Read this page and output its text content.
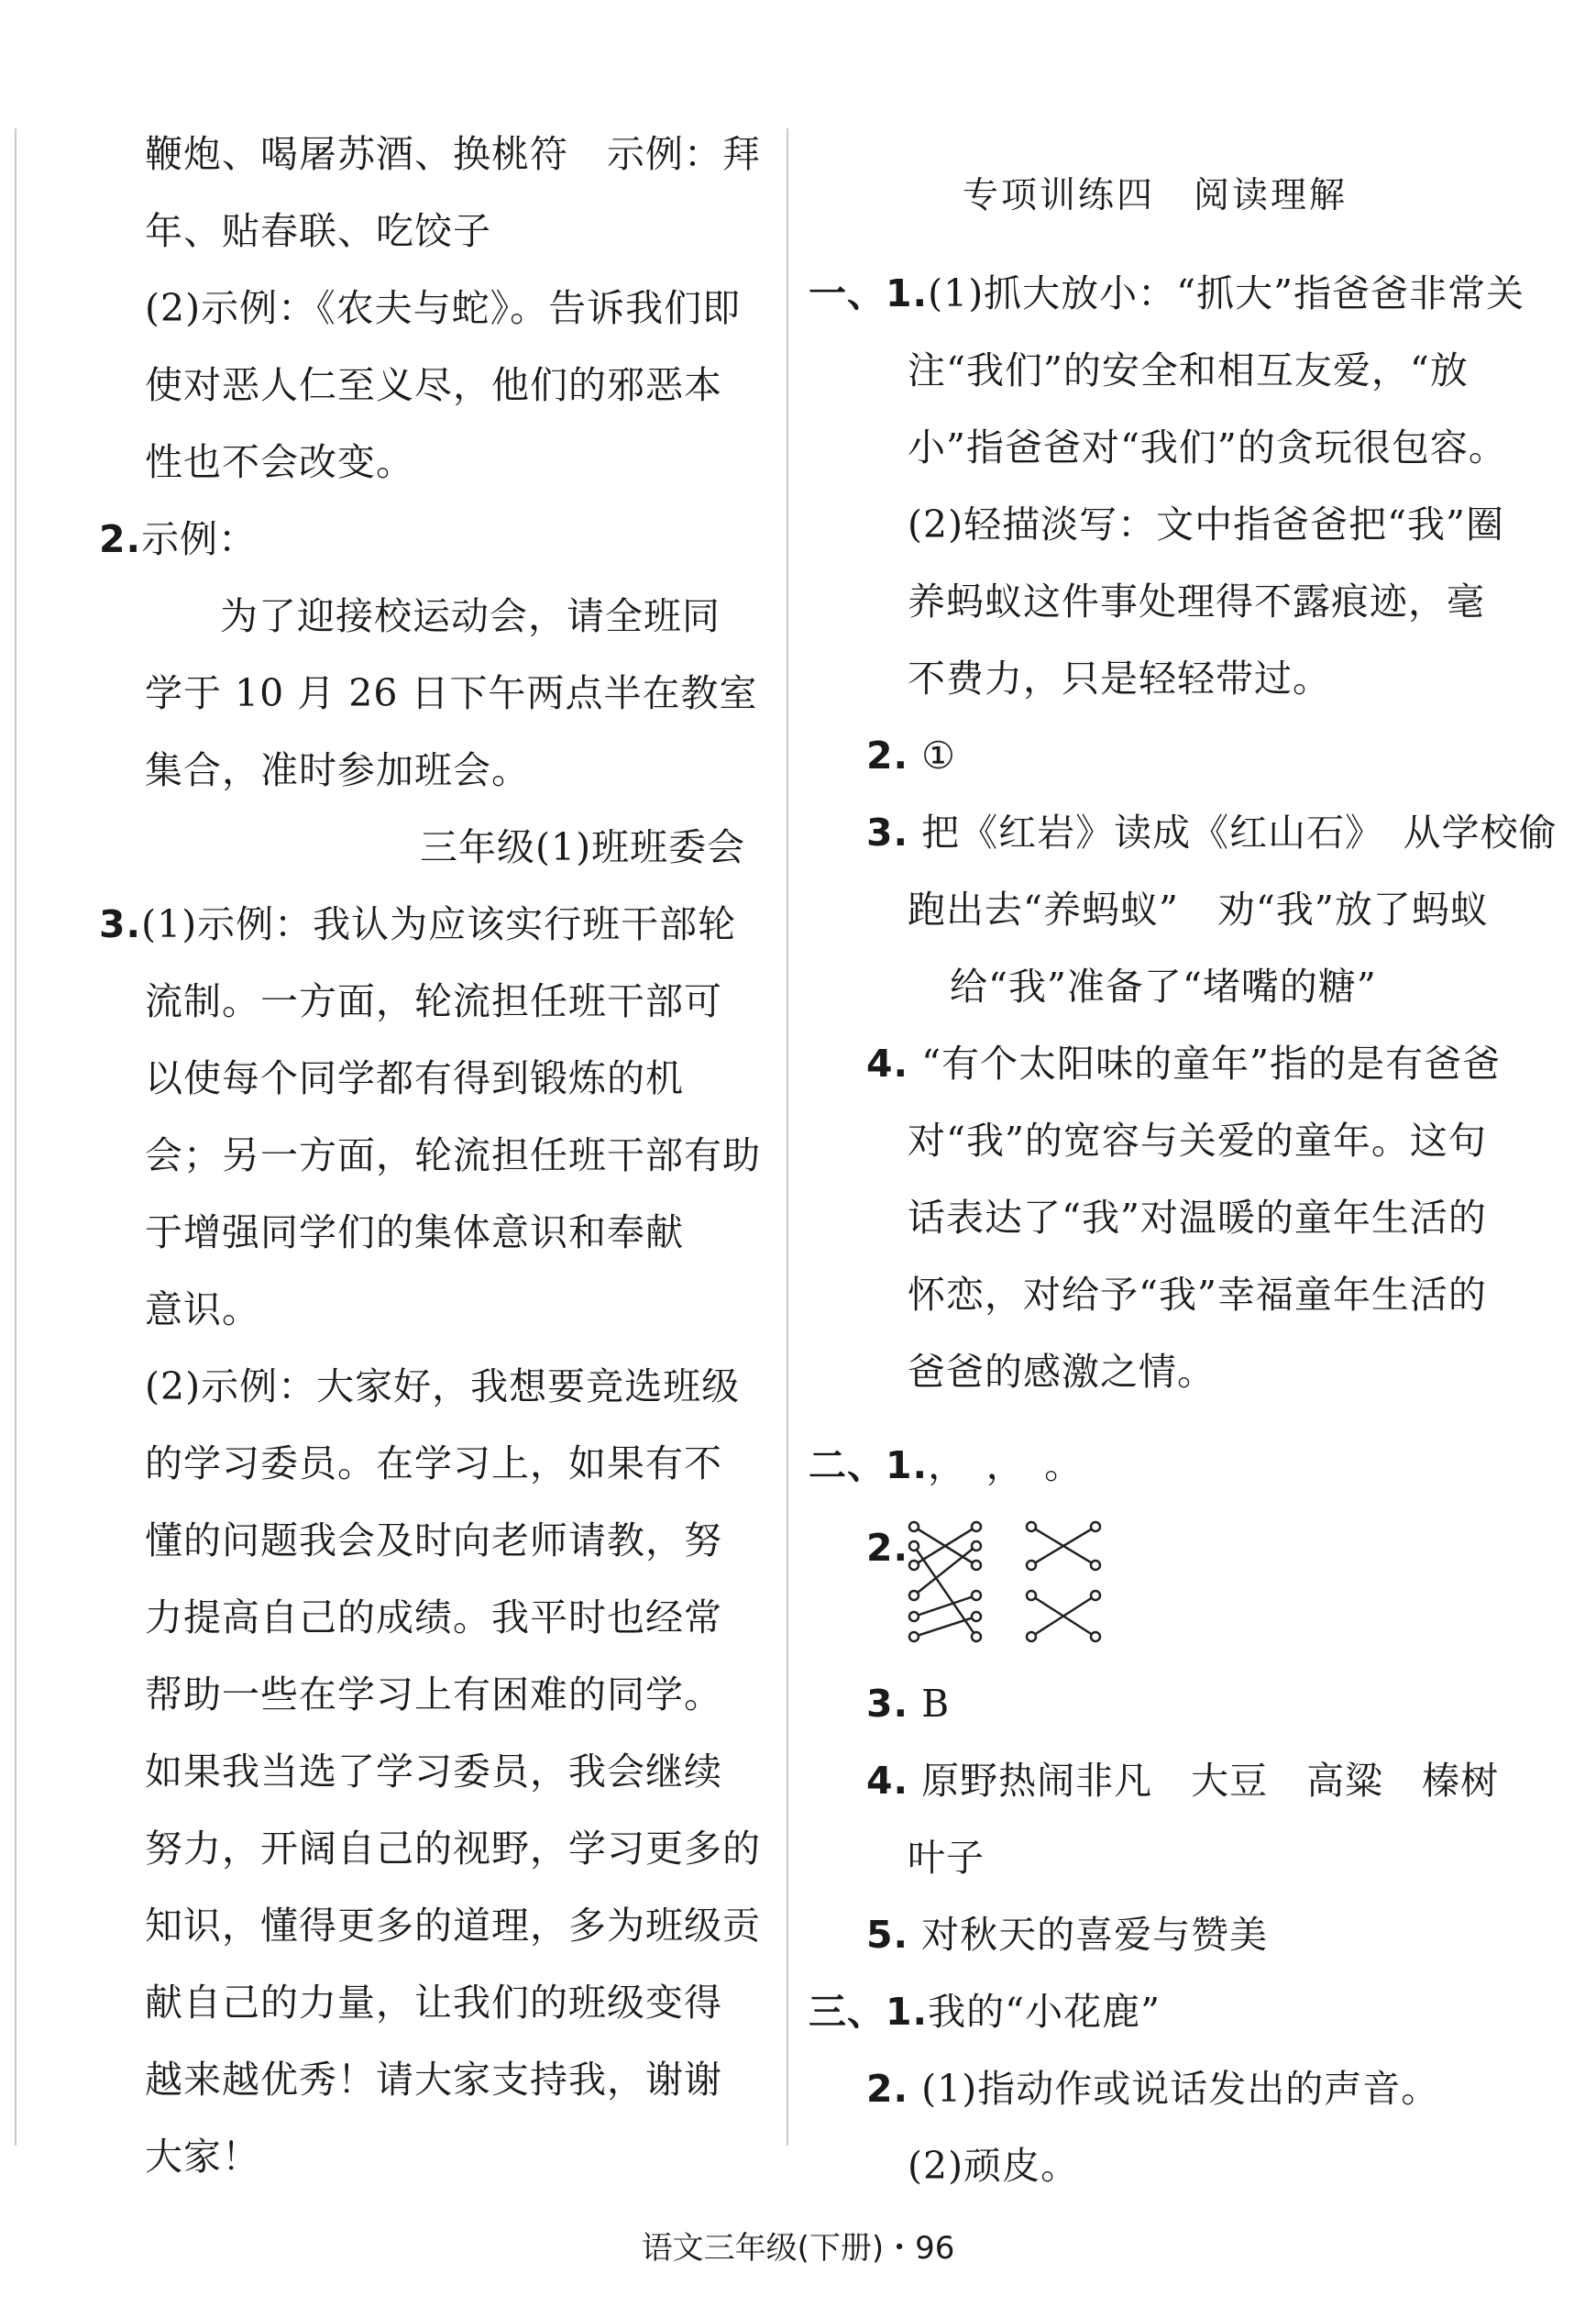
鞭炮、喝屠苏酒、换桃符　示例：拜
年、贴春联、吃饺子
(2)示例：《农夫与蛇》。告诉我们即
使对恶人仁至义尽，他们的邪恶本
性也不会改变。
2.示例：
为了迎接校运动会，请全班同
学于 10 月 26 日下午两点半在教室
集合，准时参加班会。
三年级(1)班班委会
3.(1)示例：我认为应该实行班干部轮
流制。一方面，轮流担任班干部可
以使每个同学都有得到锻炼的机
会；另一方面，轮流担任班干部有助
于增强同学们的集体意识和奉献
意识。
(2)示例：大家好，我想要竞选班级
的学习委员。在学习上，如果有不
懂的问题我会及时向老师请教，努
力提高自己的成绩。我平时也经常
帮助一些在学习上有困难的同学。
如果我当选了学习委员，我会继续
努力，开阔自己的视野，学习更多的
知识，懂得更多的道理，多为班级贡
献自己的力量，让我们的班级变得
越来越优秀！请大家支持我，谢谢
大家！
专项训练四　阅读理解
一、1.(1)抓大放小：“抓大”指爸爸非常关
注“我们”的安全和相互友爱，“放
小”指爸爸对“我们”的贪玩很包容。
(2)轻描淡写：文中指爸爸把“我”圈
养蚂蚁这件事处理得不露痕迹，毫
不费力，只是轻轻带过。
2. ①
3. 把《红岩》读成《红山石》　从学校偷
跑出去“养蚂蚁”　劝“我”放了蚂蚁
给“我”准备了“堵嘴的糖”
4. “有个太阳味的童年”指的是有爸爸
对“我”的宽容与关爱的童年。这句
话表达了“我”对温暖的童年生活的
怀恋，对给予“我”幸福童年生活的
爸爸的感激之情。
二、1.，　，　。
2.
3. B
4. 原野热闹非凡　大豆　高粱　榛树
叶子
5. 对秋天的喜爱与赞美
三、1.我的“小花鹿”
2. (1)指动作或说话发出的声音。
(2)顽皮。
语文三年级(下册)・96
